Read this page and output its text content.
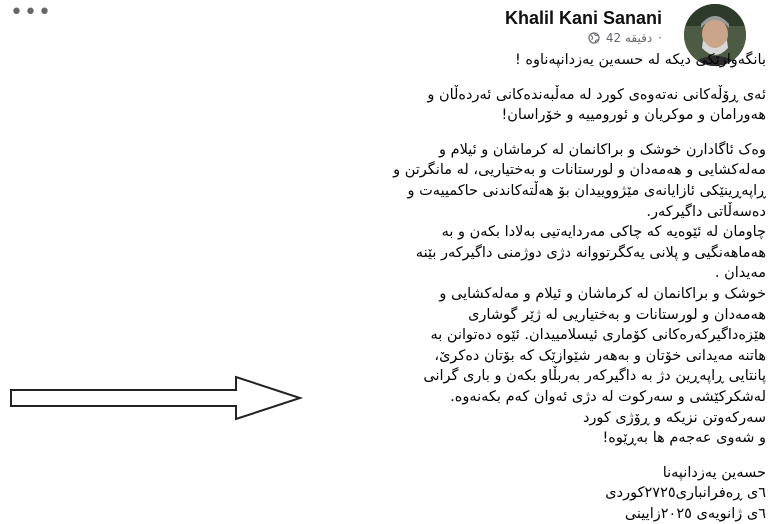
•••	Khalil Kani Sanani
دقیقە 42 ·

بانگەوازێکی دیکە لە حسەین یەزدانپەناوە !

ئەی ڕۆڵەکانی نەتەوەی کورد لە مەڵبەندەکانی ئەردەڵان و

هەورامان و موکریان و ئورومییە و خۆراسان!

وەک ئاگادارن خوشک و براکانمان لە کرماشان و ئیلام و

مەلەکشایی و هەمەدان و لورستانات و بەختیاریی، لە مانگرتن و

ڕاپەڕینێکی ئازایانەی مێژووییدان بۆ هەڵتەکاندنی حاکمییەت و

دەسەڵاتی داگیرکەر.

چاومان لە ئێوەیە کە چاکی مەردایەتیی بەلادا بکەن و بە

هەماهەنگیی و پلانی یەکگرتووانە دژی دوژمنی داگیرکەر بێنە

مەیدان .

خوشک و براکانمان لە کرماشان و ئیلام و مەلەکشایی و

هەمەدان و لورستانات و بەختیاریی لە ژێر گوشاری

هێزەداگیرکەرەکانی کۆماری ئیسلامییدان. ئێوە دەتوانن بە

هاتنە مەیدانی خۆتان و بەهەر شێوازێک کە بۆتان دەکرێ،

پانتایی ڕاپەڕین دژ بە داگیرکەر بەربڵاو بکەن و باری گرانی

لەشکرکێشی و سەرکوت لە دژی ئەوان کەم بکەنەوە.

سەرکەوتن نزیکە و ڕۆژی کورد

و شەوی عەجەم ها بەڕێوە!

حسەین یەزدانپەنا

٦ی ڕەفرانباری٢٧٢٥کوردی

٦ی ژانویەی ٢٠٢٥زایینی
